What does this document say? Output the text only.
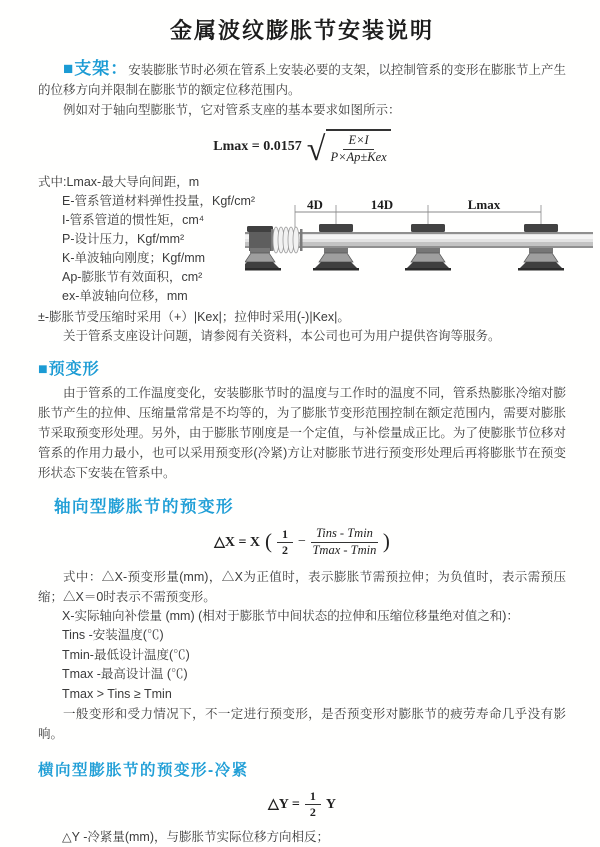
金属波纹膨胀节安装说明

■支架：安装膨胀节时必须在管系上安装必要的支架，以控制管系的变形在膨胀节上产生的位移方向并限制在膨胀节的额定位移范围内。

例如对于轴向型膨胀节，它对管系支座的基本要求如图所示：

Lmax = 0.0157 √ $\frac{E\times I}{\text{P×Ap±Kex}}$
式中:Lmax-最大导向间距，m
E-管系管道材料弹性投量，Kgf/cm²
I-管系管道的惯性矩，cm⁴
P-设计压力，Kgf/mm²
K-单波轴向刚度；Kgf/mm
Ap-膨胀节有效面积，cm²
ex-单波轴向位移，mm
4D	14D	Lmax

±-膨胀节受压缩时采用（+）|Kex|；拉伸时采用(-)|Kex|。

关于管系支座设计问题，请参阅有关资料，本公司也可为用户提供咨询等服务。

■预变形

由于管系的工作温度变化，安装膨胀节时的温度与工作时的温度不同，管系热膨胀冷缩对膨胀节产生的拉伸、压缩量常常是不均等的，为了膨胀节变形范围控制在额定范围内，需要对膨胀节采取预变形处理。另外，由于膨胀节刚度是一个定值，与补偿量成正比。为了使膨胀节位移对管系的作用力最小，也可以采用预变形(冷紧)方让对膨胀节进行预变形处理后再将膨胀节在预变形状态下安装在管系中。

轴向型膨胀节的预变形
△X = X ( $\frac{1}{2} - \frac{\text{Tins - Tmin}}{Tmax - Tmin}$ )

式中：△X-预变形量(mm)，△X为正值时，表示膨胀节需预拉伸；为负值时，表示需预压缩；△X＝0时表示不需预变形。

X-实际轴向补偿量 (mm) (相对于膨胀节中间状态的拉伸和压缩位移量绝对值之和)：
Tins -安装温度(℃)
Tmin-最低设计温度(℃)
Tmax -最高设计温 (℃)
Tmax > Tins ≥ Tmin

一般变形和受力情况下，不一定进行预变形，是否预变形对膨胀节的疲劳寿命几乎没有影响。

横向型膨胀节的预变形-冷紧
△Y = $\frac{1}{2}$ Y

△Y -冷紧量(mm)，与膨胀节实际位移方向相反；
